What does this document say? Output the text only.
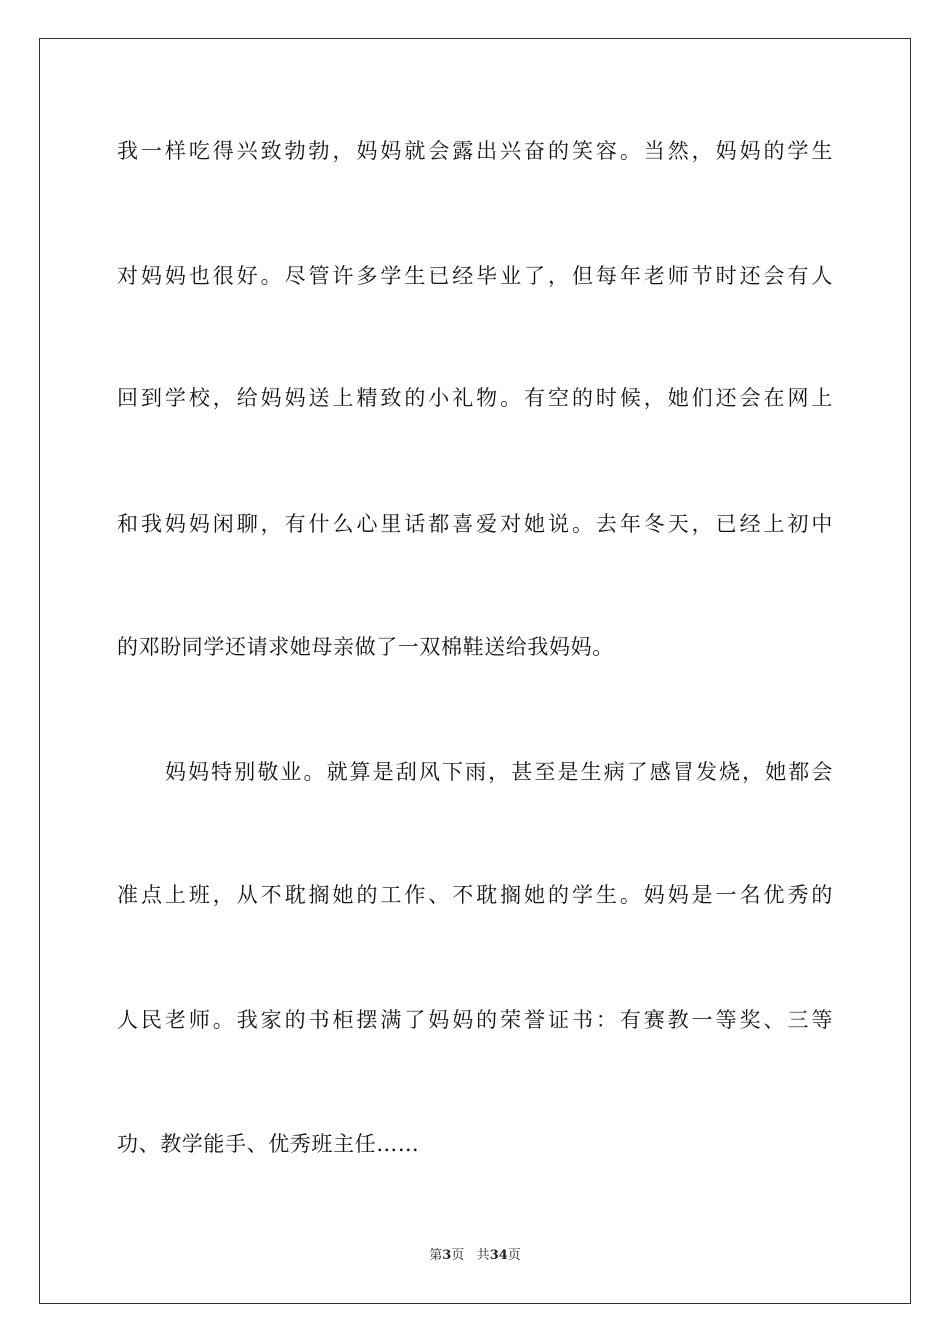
我一样吃得兴致勃勃，妈妈就会露出兴奋的笑容。当然，妈妈的学生
对妈妈也很好。尽管许多学生已经毕业了，但每年老师节时还会有人
回到学校，给妈妈送上精致的小礼物。有空的时候，她们还会在网上
和我妈妈闲聊，有什么心里话都喜爱对她说。去年冬天，已经上初中
的邓盼同学还请求她母亲做了一双棉鞋送给我妈妈。
妈妈特别敬业。就算是刮风下雨，甚至是生病了感冒发烧，她都会
准点上班，从不耽搁她的工作、不耽搁她的学生。妈妈是一名优秀的
人民老师。我家的书柜摆满了妈妈的荣誉证书：有赛教一等奖、三等
功、教学能手、优秀班主任……
第3页 共34页
